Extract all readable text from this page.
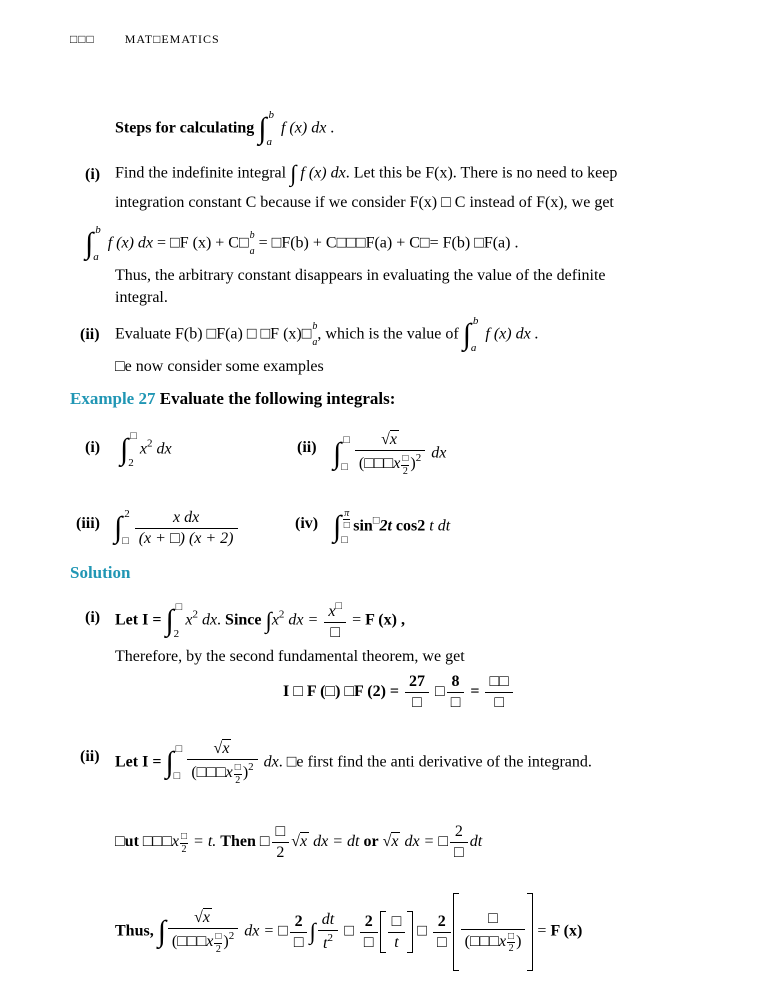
□□□	MAT□EMATICS
Steps for calculating ∫ b
a
f (x) dx .
(i) Find the indefinite integral ∫ f (x) dx. Let this be F(x). There is no need to keep
integration constant C because if we consider F(x) □ C instead of F(x), we get
∫ b
a
f (x) dx = □F (x) + C□ b
a = □F(b) + C□□□F(a) + C□= F(b) □F(a) .
Thus, the arbitrary constant disappears in evaluating the value of the definite
integral.
(ii) Evaluate F(b) □F(a) □ □F (x)□ b
a , which is the value of ∫ b
a
f (x) dx .
□e now consider some examples
Example 27 Evaluate the following integrals:
(i) ∫ □
2
$x^2$ dx	(ii) ∫ □
□ √x
(□□□x □
2 )$^2$ dx
(iii) ∫ 2
□ $\frac{\text{x dx}}{(x + □) (x + 2)}$	(iv) ∫ π
□
□
sin□2t cos2 t dt
Solution
(i) Let I = ∫ □
2
$x^2$ dx. Since $\int x^2$ dx = $\frac{x^□}{□} = F$ (x) ,
Therefore, by the second fundamental theorem, we get
I □ F (□) □F $(2) = \frac{27}{□}$ □ $\frac{8}{□} = \frac{□□}{□}$
(ii) Let I = ∫ □
□ √x
(□□□x □
2 )$^2$ dx. □e first find the anti derivative of the integrand.
□ut □□□x □
2 = t. Then □ $\frac{□}{2} √x$ dx = dt or √x dx = □ $\frac{2}{□}$ dt
Thus, ∫ √x
(□□□x □
2 )$^2$ dx = □ $\frac{2}{□}$ ∫ $\frac{dt}{t^2}$ □ $\frac{2}{□} \frac{□}{t}$ □ $\frac{2}{□}$ □
(□□□x □
2 ) = F (x)
